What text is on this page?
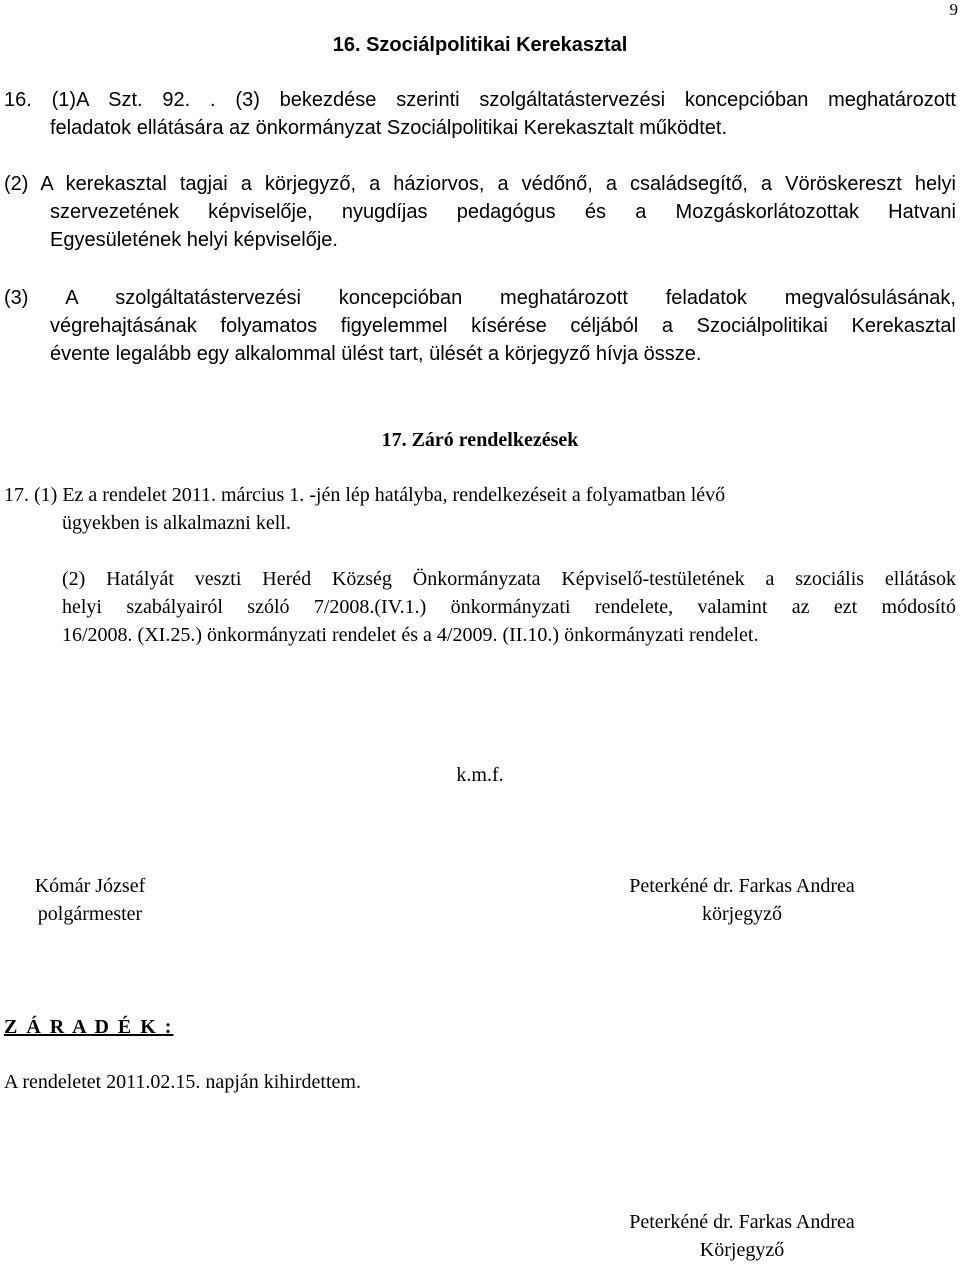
9
16. Szociálpolitikai Kerekasztal
16. (1)A Szt. 92. . (3) bekezdése szerinti szolgáltatástervezési koncepcióban meghatározott
feladatok ellátására az önkormányzat Szociálpolitikai Kerekasztalt működtet.
(2) A kerekasztal tagjai a körjegyző, a háziorvos, a védőnő, a családsegítő, a Vöröskereszt helyi
szervezetének képviselője, nyugdíjas pedagógus és a Mozgáskorlátozottak Hatvani
Egyesületének helyi képviselője.
(3) A szolgáltatástervezési koncepcióban meghatározott feladatok megvalósulásának,
végrehajtásának folyamatos figyelemmel kísérése céljából a Szociálpolitikai Kerekasztal
évente legalább egy alkalommal ülést tart, ülését a körjegyző hívja össze.
17. Záró rendelkezések
17. (1) Ez a rendelet 2011. március 1. -jén lép hatályba, rendelkezéseit a folyamatban lévő
ügyekben is alkalmazni kell.
(2) Hatályát veszti Heréd Község Önkormányzata Képviselő-testületének a szociális ellátások
helyi szabályairól szóló 7/2008.(IV.1.) önkormányzati rendelete, valamint az ezt módosító
16/2008. (XI.25.) önkormányzati rendelet és a 4/2009. (II.10.) önkormányzati rendelet.
k.m.f.
Kómár József
polgármester
Peterkéné dr. Farkas Andrea
körjegyző
Z Á R A D É K :
A rendeletet 2011.02.15. napján kihirdettem.
Peterkéné dr. Farkas Andrea
Körjegyző
